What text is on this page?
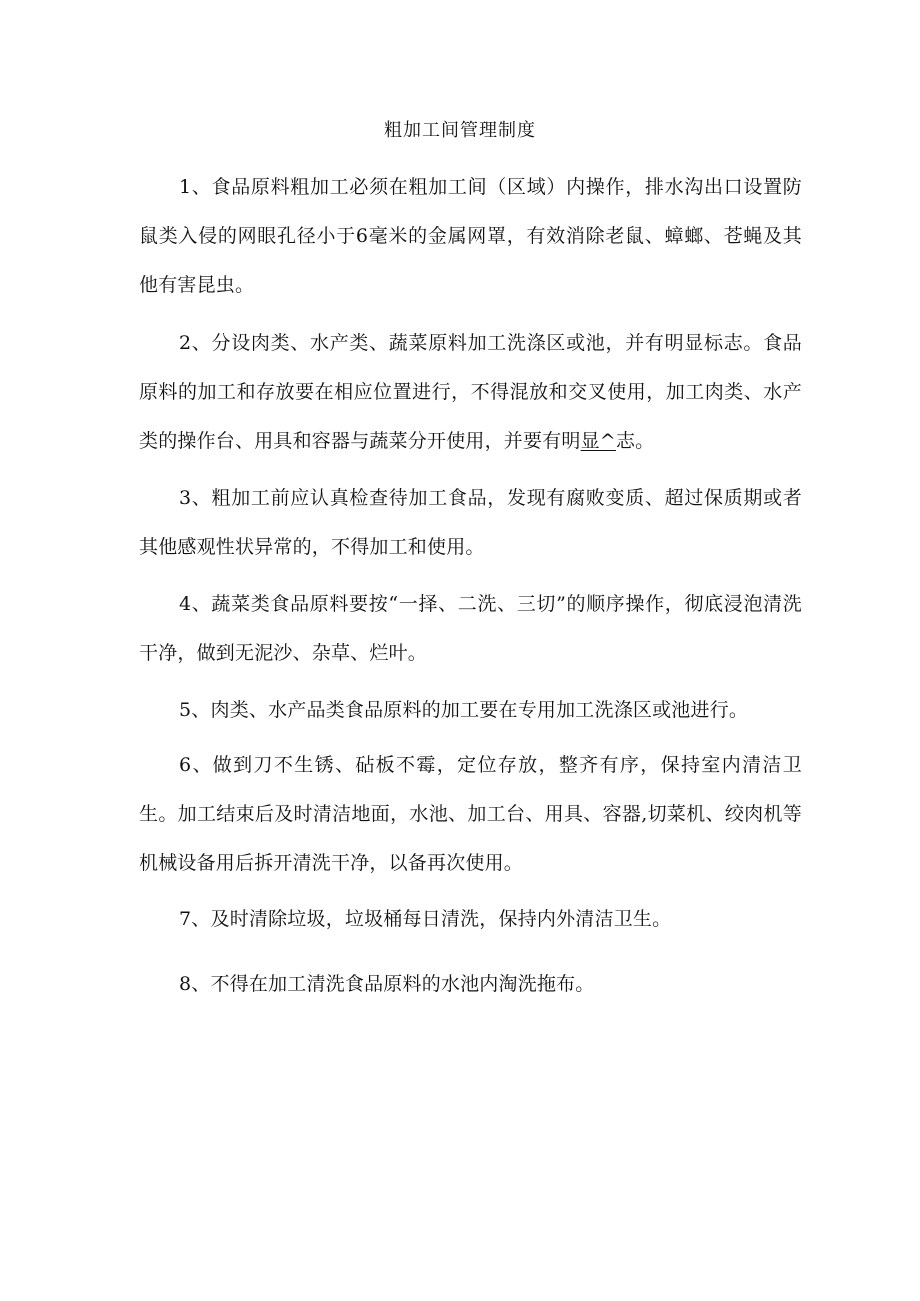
粗加工间管理制度

1、食品原料粗加工必须在粗加工间（区域）内操作，排水沟出口设置防鼠类入侵的网眼孔径小于6毫米的金属网罩，有效消除老鼠、蟑螂、苍蝇及其他有害昆虫。

2、分设肉类、水产类、蔬菜原料加工洗涤区或池，并有明显标志。食品原料的加工和存放要在相应位置进行，不得混放和交叉使用，加工肉类、水产类的操作台、用具和容器与蔬菜分开使用，并要有明显^志。

3、粗加工前应认真检查待加工食品，发现有腐败变质、超过保质期或者其他感观性状异常的，不得加工和使用。

4、蔬菜类食品原料要按“一择、二洗、三切”的顺序操作，彻底浸泡清洗干净，做到无泥沙、杂草、烂叶。

5、肉类、水产品类食品原料的加工要在专用加工洗涤区或池进行。

6、做到刀不生锈、砧板不霉，定位存放，整齐有序，保持室内清洁卫生。加工结束后及时清洁地面，水池、加工台、用具、容器,切菜机、绞肉机等机械设备用后拆开清洗干净，以备再次使用。

7、及时清除垃圾，垃圾桶每日清洗，保持内外清洁卫生。

8、不得在加工清洗食品原料的水池内淘洗拖布。
